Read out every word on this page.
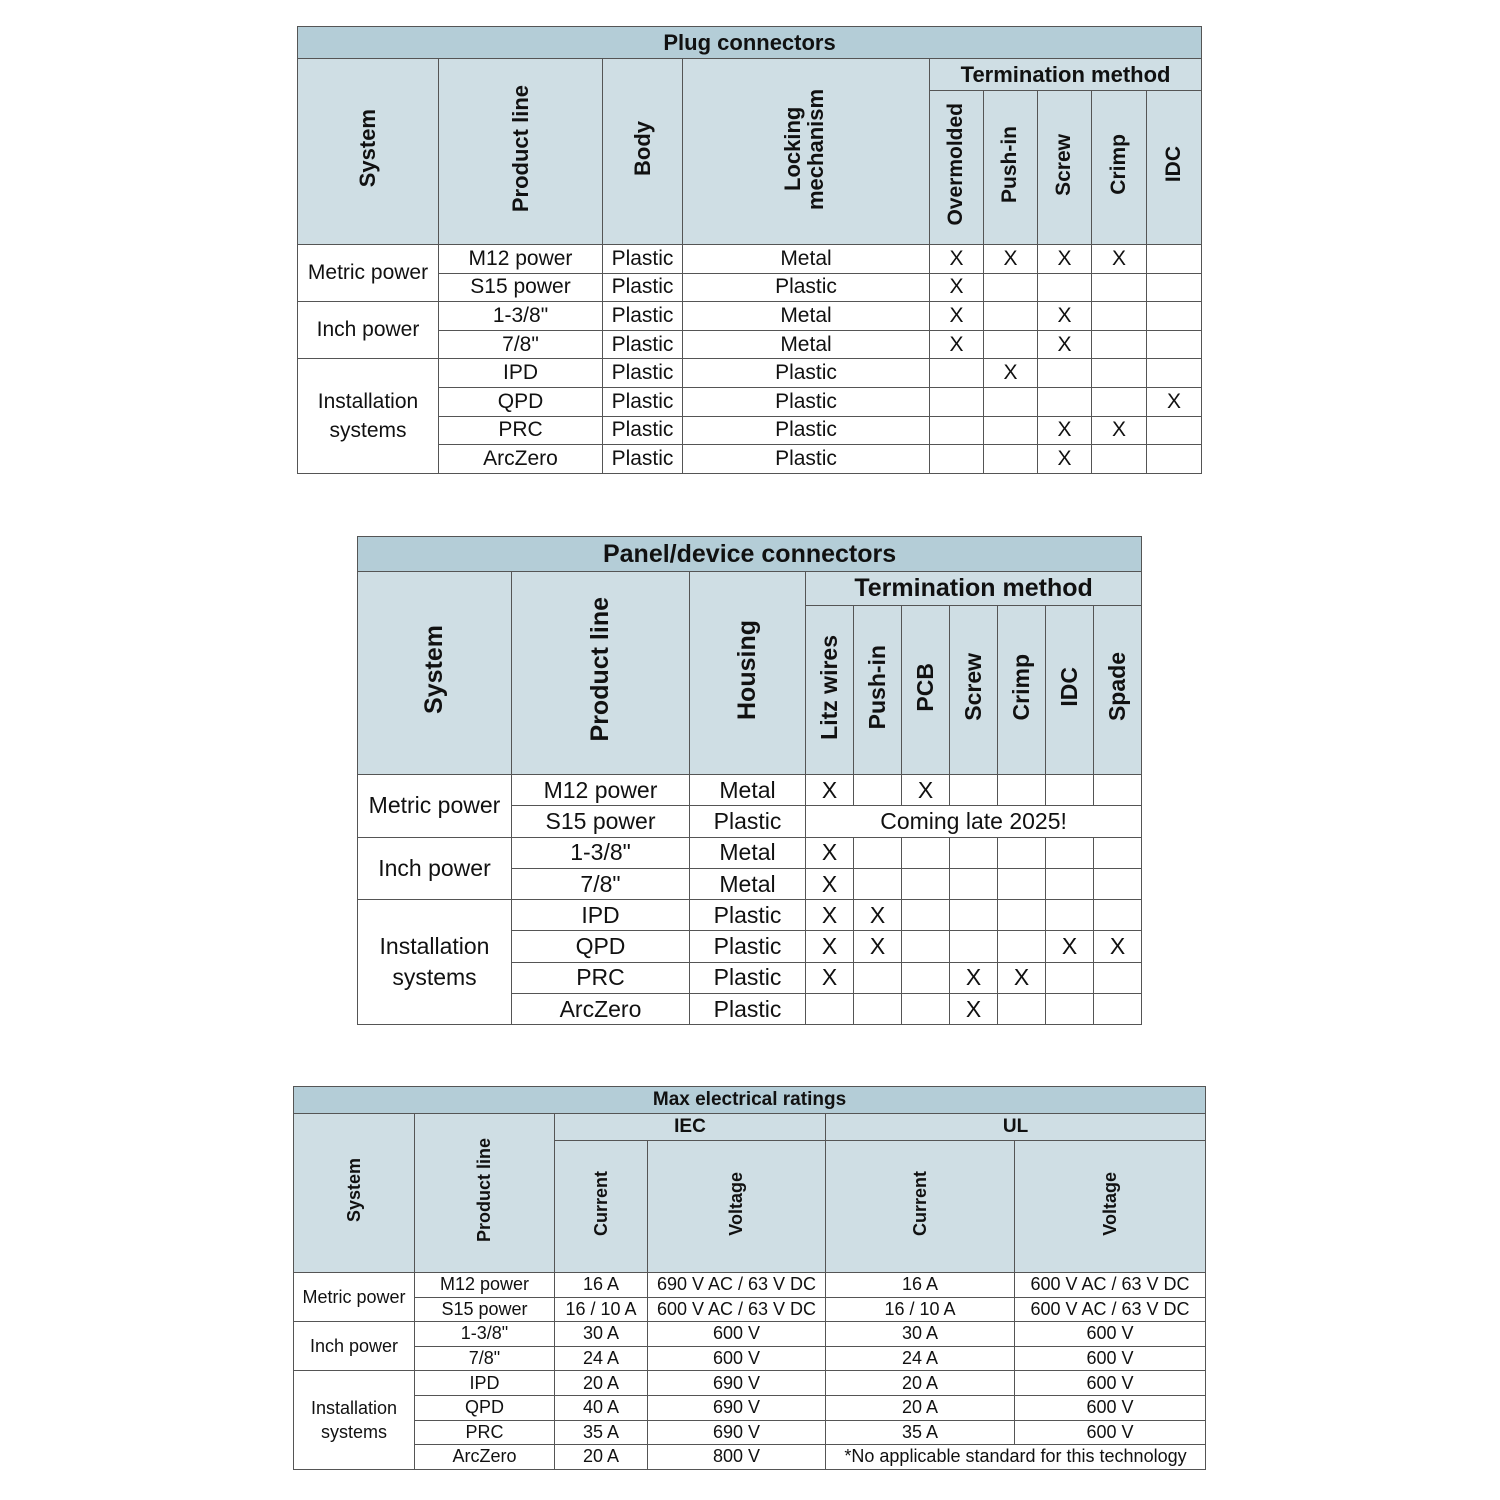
Plug connectors								
System	Product line	Body	Locking mechanism	Termination method				
				Overmolded	Push-in	Screw	Crimp	IDC
Metric power	M12 power	Plastic	Metal	X	X	X	X	
	S15 power	Plastic	Plastic	X				
Inch power	1-3/8"	Plastic	Metal	X		X		
	7/8"	Plastic	Metal	X		X		
Installation systems	IPD	Plastic	Plastic		X			
	QPD	Plastic	Plastic					X
	PRC	Plastic	Plastic			X	X	
	ArcZero	Plastic	Plastic			X		
Panel/device connectors									
System	Product line	Housing	Termination method						
			Litz wires	Push-in	PCB	Screw	Crimp	IDC	Spade
Metric power	M12 power	Metal	X		X				
	S15 power	Plastic	Coming late 2025!						
Inch power	1-3/8"	Metal	X						
	7/8"	Metal	X						
Installation systems	IPD	Plastic	X	X					
	QPD	Plastic	X	X				X	X
	PRC	Plastic	X			X	X		
	ArcZero	Plastic				X			
Max electrical ratings					
System	Product line	IEC		UL	
		Current	Voltage	Current	Voltage
Metric power	M12 power	16 A	690 V AC / 63 V DC	16 A	600 V AC / 63 V DC
	S15 power	16 / 10 A	600 V AC / 63 V DC	16 / 10 A	600 V AC / 63 V DC
Inch power	1-3/8"	30 A	600 V	30 A	600 V
	7/8"	24 A	600 V	24 A	600 V
Installation systems	IPD	20 A	690 V	20 A	600 V
	QPD	40 A	690 V	20 A	600 V
	PRC	35 A	690 V	35 A	600 V
	ArcZero	20 A	800 V	*No applicable standard for this technology	
